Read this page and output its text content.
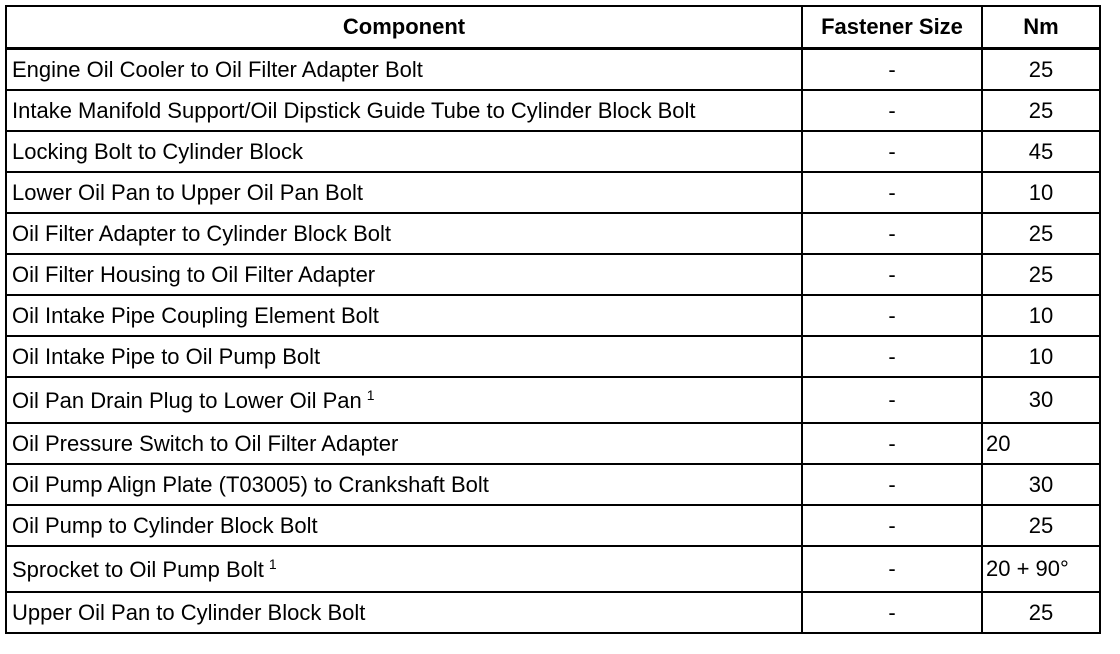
Component	Fastener Size	Nm
Engine Oil Cooler to Oil Filter Adapter Bolt	-	25
Intake Manifold Support/Oil Dipstick Guide Tube to Cylinder Block Bolt	-	25
Locking Bolt to Cylinder Block	-	45
Lower Oil Pan to Upper Oil Pan Bolt	-	10
Oil Filter Adapter to Cylinder Block Bolt	-	25
Oil Filter Housing to Oil Filter Adapter	-	25
Oil Intake Pipe Coupling Element Bolt	-	10
Oil Intake Pipe to Oil Pump Bolt	-	10
Oil Pan Drain Plug to Lower Oil Pan $^1$	-	30
Oil Pressure Switch to Oil Filter Adapter	-	20
Oil Pump Align Plate (T03005) to Crankshaft Bolt	-	30
Oil Pump to Cylinder Block Bolt	-	25
Sprocket to Oil Pump Bolt $^1$	-	20 + 90°
Upper Oil Pan to Cylinder Block Bolt	-	25
